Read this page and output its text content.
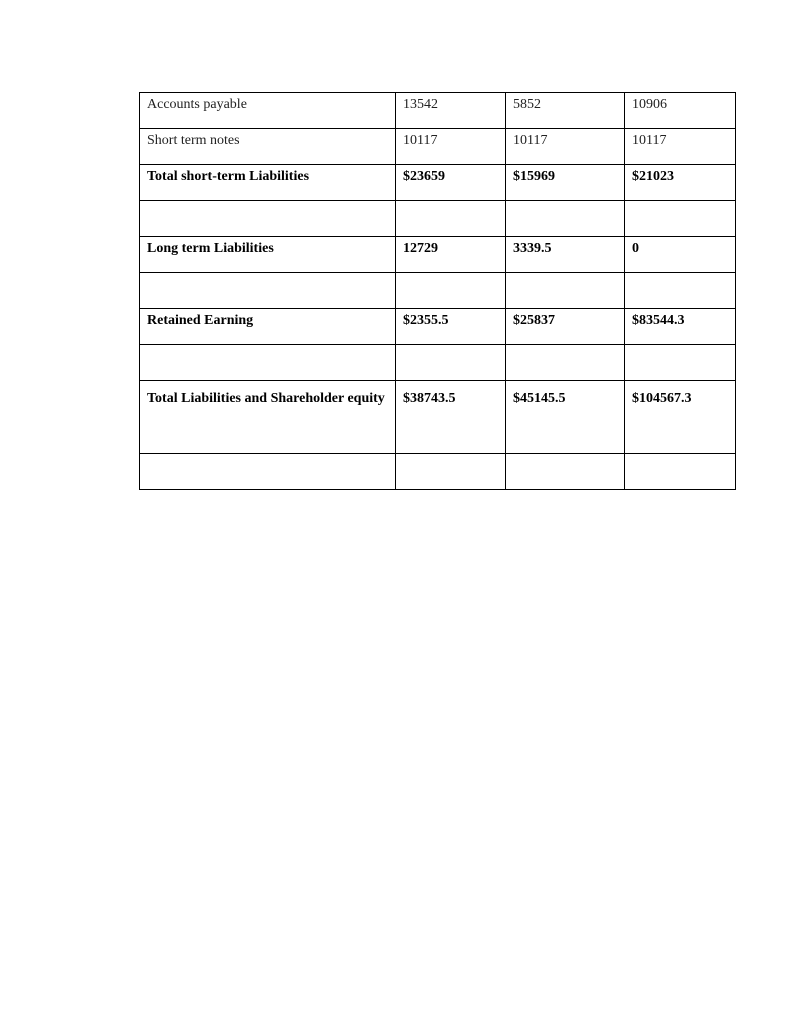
Accounts payable	13542	5852	10906
Short term notes	10117	10117	10117
Total short-term Liabilities	$23659	$15969	$21023

Long term Liabilities	12729	3339.5	0

Retained Earning	$2355.5	$25837	$83544.3

Total Liabilities and Shareholder equity	$38743.5	$45145.5	$104567.3
